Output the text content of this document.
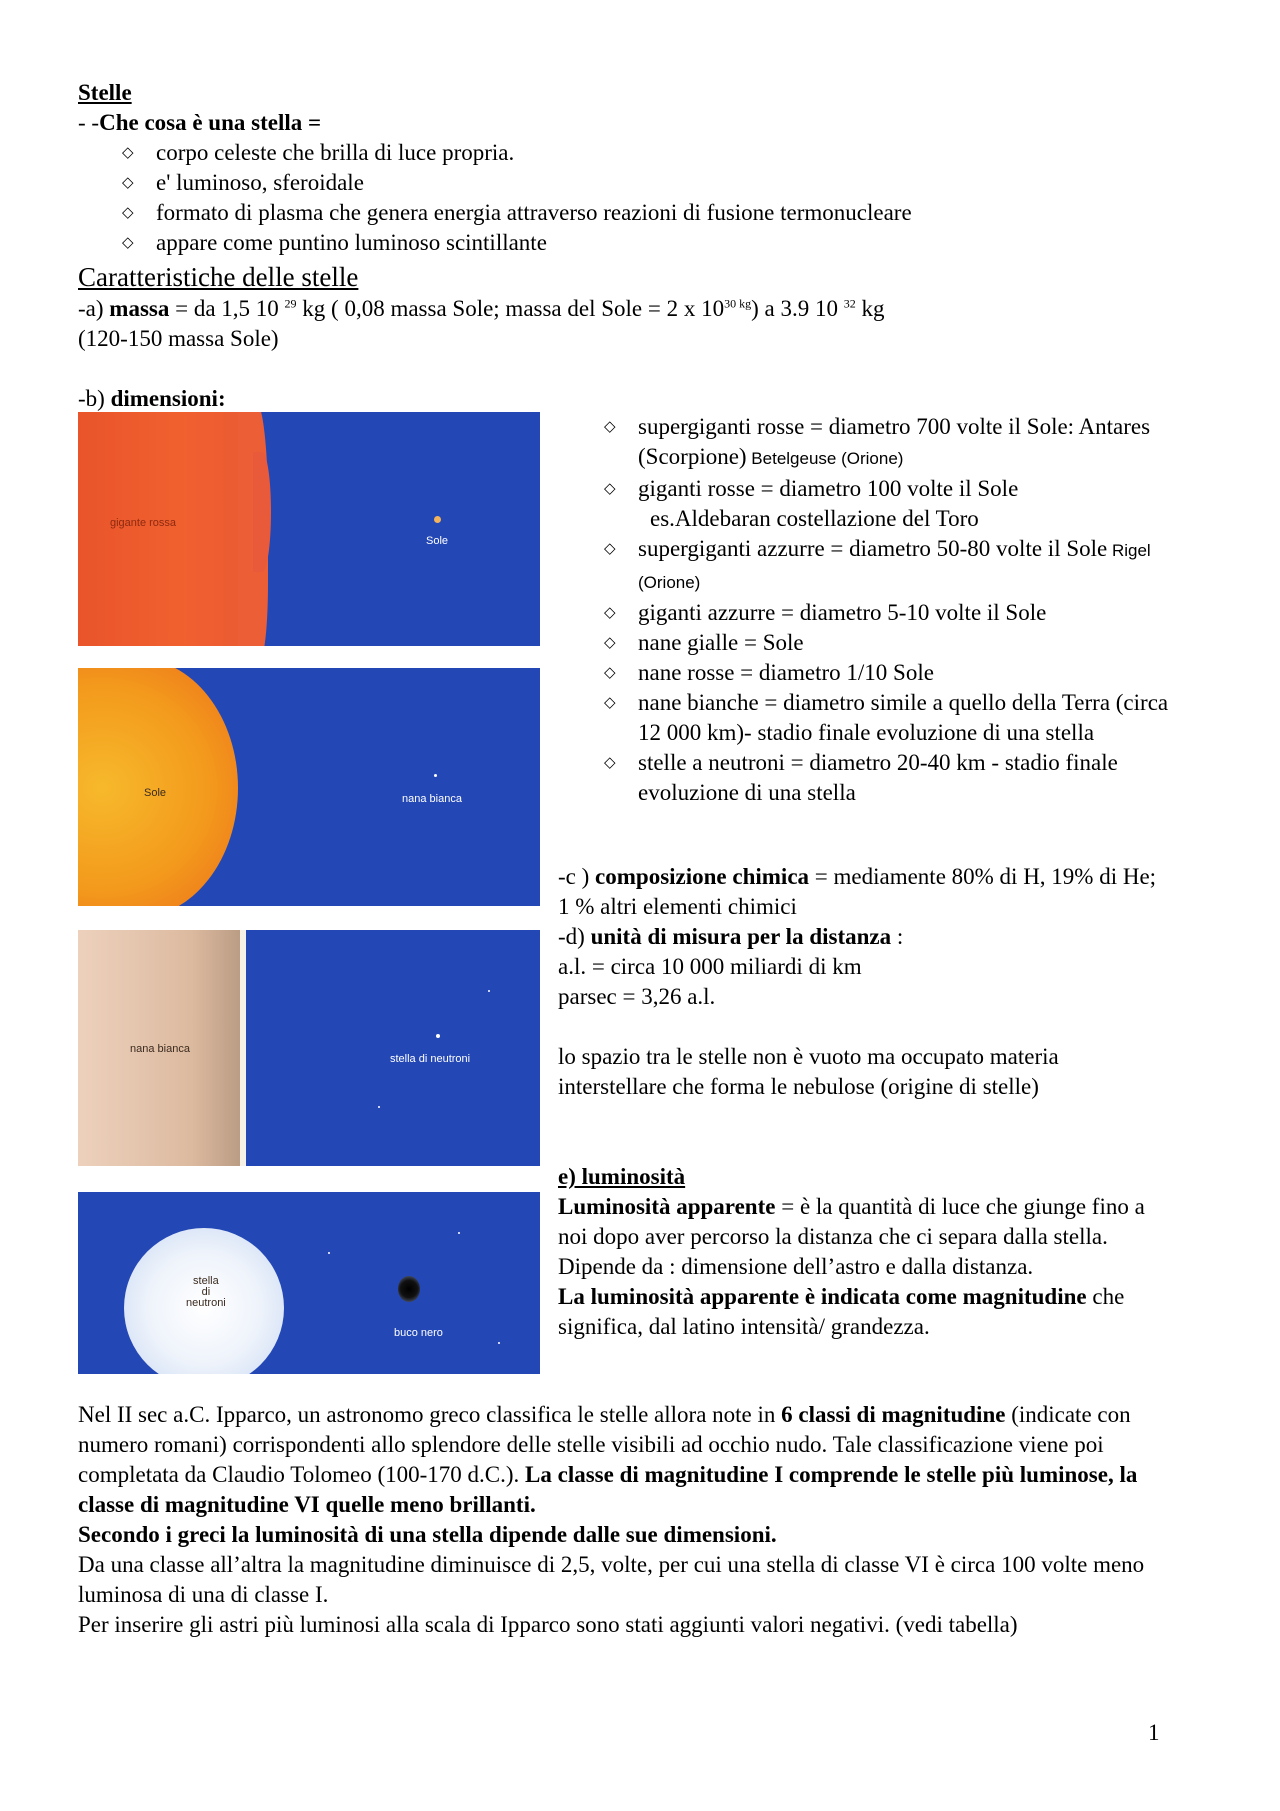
Stelle
- -Che cosa è una stella =
◇ corpo celeste che brilla di luce propria.
◇ e' luminoso, sferoidale
◇ formato di plasma che genera energia attraverso reazioni di fusione termonucleare
◇ appare come puntino luminoso scintillante
Caratteristiche delle stelle
-a) massa = da 1,5 10 $^{29}$ kg ( 0,08 massa Sole; massa del Sole = 2 x $10^{30 kg}$) a 3.9 10 $^{32}$ kg
(120-150 massa Sole)
-b) dimensioni:
gigante rossa
Sole
Sole	nana bianca
nana bianca
stella di neutroni
stella
di
neutroni
buco nero
◇ supergiganti rosse = diametro 700 volte il Sole: Antares (Scorpione) Betelgeuse (Orione)
◇ giganti rosse = diametro 100 volte il Sole
es.Aldebaran costellazione del Toro
◇ supergiganti azzurre = diametro 50-80 volte il Sole Rigel (Orione)
◇ giganti azzurre = diametro 5-10 volte il Sole
◇ nane gialle = Sole
◇ nane rosse = diametro 1/10 Sole
◇ nane bianche = diametro simile a quello della Terra (circa 12 000 km)- stadio finale evoluzione di una stella
◇ stelle a neutroni = diametro 20-40 km - stadio finale evoluzione di una stella
-c ) composizione chimica = mediamente 80% di H, 19% di He; 1 % altri elementi chimici
-d) unità di misura per la distanza :
a.l. = circa 10 000 miliardi di km
parsec = 3,26 a.l.
lo spazio tra le stelle non è vuoto ma occupato materia interstellare che forma le nebulose (origine di stelle)
e) luminosità
Luminosità apparente = è la quantità di luce che giunge fino a noi dopo aver percorso la distanza che ci separa dalla stella.
Dipende da : dimensione dell’astro e dalla distanza.
La luminosità apparente è indicata come magnitudine che significa, dal latino intensità/ grandezza.
Nel II sec a.C. Ipparco, un astronomo greco classifica le stelle allora note in 6 classi di magnitudine (indicate con numero romani) corrispondenti allo splendore delle stelle visibili ad occhio nudo. Tale classificazione viene poi completata da Claudio Tolomeo (100-170 d.C.). La classe di magnitudine I comprende le stelle più luminose, la classe di magnitudine VI quelle meno brillanti.
Secondo i greci la luminosità di una stella dipende dalle sue dimensioni.
Da una classe all’altra la magnitudine diminuisce di 2,5, volte, per cui una stella di classe VI è circa 100 volte meno luminosa di una di classe I.
Per inserire gli astri più luminosi alla scala di Ipparco sono stati aggiunti valori negativi. (vedi tabella)
1
